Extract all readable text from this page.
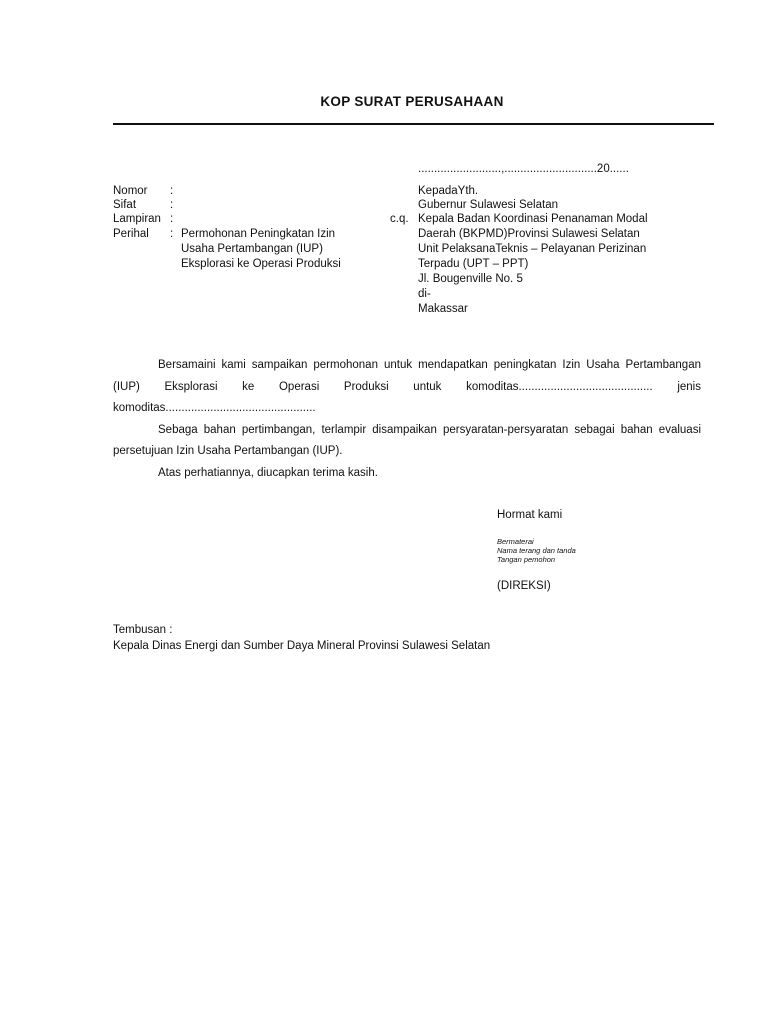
KOP SURAT PERUSAHAAN
..........................,.............................20......
Nomor :
Sifat	:
Lampiran :
Perihal : Permohonan Peningkatan Izin
Usaha Pertambangan (IUP)
Eksplorasi ke Operasi Produksi
c.q.
KepadaYth.
Gubernur Sulawesi Selatan
Kepala Badan Koordinasi Penanaman Modal
Daerah (BKPMD)Provinsi Sulawesi Selatan
Unit PelaksanaTeknis – Pelayanan Perizinan
Terpadu (UPT – PPT)
Jl. Bougenville No. 5
di-
Makassar

Bersamaini kami sampaikan permohonan untuk mendapatkan peningkatan Izin Usaha Pertambangan (IUP) Eksplorasi ke Operasi Produksi untuk komoditas.......................................... jenis komoditas...............................................

Sebaga bahan pertimbangan, terlampir disampaikan persyaratan-persyaratan sebagai bahan evaluasi persetujuan Izin Usaha Pertambangan (IUP).

Atas perhatiannya, diucapkan terima kasih.

Hormat kami
Bermaterai
Nama terang dan tanda
Tangan pemohon
(DIREKSI)
Tembusan :
Kepala Dinas Energi dan Sumber Daya Mineral Provinsi Sulawesi Selatan
